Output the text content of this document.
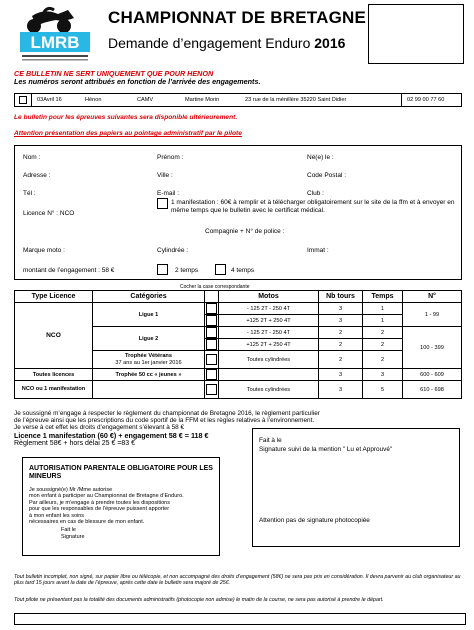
LMRB
CHAMPIONNAT DE BRETAGNE
Demande d’engagement Enduro 2016
CE BULLETIN NE SERT UNIQUEMENT QUE POUR HENON
Les numéros seront attribués en fonction de l’arrivée des engagements.
03Avril 16	Hénon	CAMV	Martine Morin	23 rue de la ménillère 35220 Saint Didier	02 99 00 77 60
Le bulletin pour les épreuves suivantes sera disponible ultérieurement.
Attention présentation des papiers au pointage administratif par le pilote
Nom :	Prénom :	Né(e) le :
Adresse :	Ville :	Code Postal :
Tél :	E-mail :	Club :
Licence N° : NCO
1 manifestation : 60€ à remplir et à télécharger obligatoirement sur le site de la ffm et à envoyer en même temps que le bulletin avec le certificat médical.
Compagnie + N° de police :
Marque moto :	Cylindrée :	Immat :
montant de l’engagement : 58 €	2 temps	4 temps
Cocher la case correspondante
Type Licence	Catégories		Motos	Nb tours	Temps	N°
NCO	Ligue 1		- 125 2T - 250 4T	3	1	1 - 99
			+125 2T + 250 4T	3	1	
	Ligue 2		- 125 2T - 250 4T	2	2	100 - 399
			+125 2T + 250 4T	2	2	
	Trophée Vétérans
37 ans au 1er janvier 2016		Toutes cylindrées	2	2	
Toutes licences	Trophée 50 cc « jeunes »			3	3	600 - 609
NCO ou 1 manifestation			Toutes cylindrées	3	5	610 - 698
Je soussigné m’engage à respecter le règlement du championnat de Bretagne 2016, le règlement particulier
de l’épreuve ainsi que les prescriptions du code sportif de la FFM et les règles relatives à l’environnement.
Je verse à cet effet les droits d’engagement s’élevant à 58 €
Licence 1 manifestation (60 €) + engagement 58 € = 118 €
Règlement 58€ + hors délai 25 € =83 €
AUTORISATION PARENTALE OBLIGATOIRE POUR LES MINEURS
Je soussigné(e) Mr /Mme autorise
mon enfant à participer au Championnat de Bretagne d’Enduro.
Par ailleurs, je m’engage à prendre toutes les dispositions
pour que les responsables de l’épreuve puissent apporter
à mon enfant les soins
nécessaires en cas de blessure de mon enfant.
Fait le
Signature
Fait à le
Signature suivi de la mention " Lu et Approuvé"
Attention pas de signature photocopiée
Tout bulletin incomplet, non signé, sur papier libre ou télécopie, et non accompagné des droits d’engagement (58€) ne sera pas pris en considération. Il devra parvenir au club organisateur au plus tard 15 jours avant la date de l’épreuve, après cette date le bulletin sera majoré de 25€.
Tout pilote ne présentant pas la totalité des documents administratifs (photocopie non admise) le matin de la course, ne sera pas autorisé à prendre le départ.
